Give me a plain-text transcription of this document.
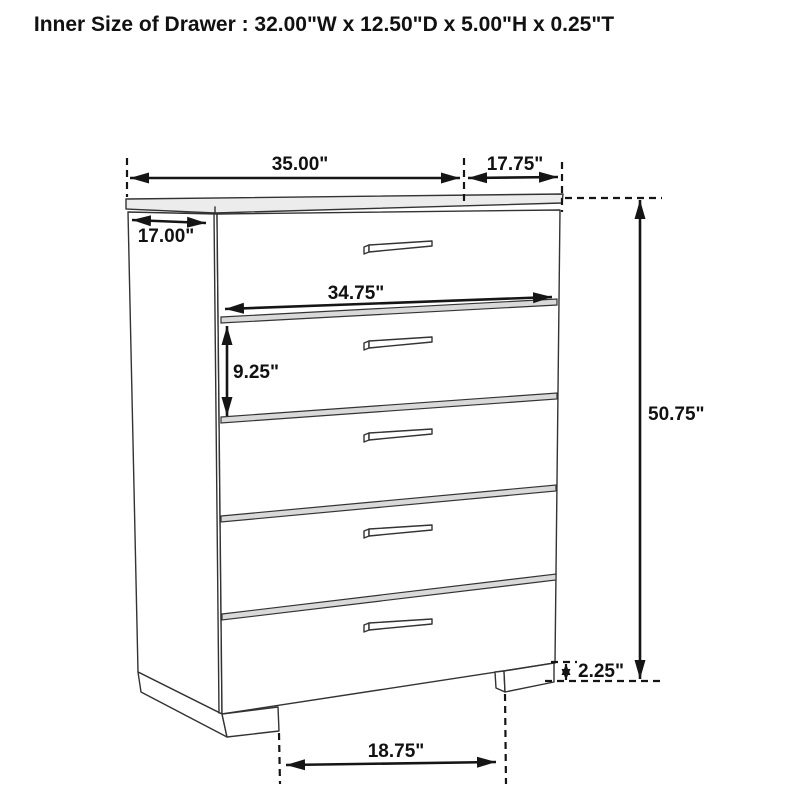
35.00"	17.75"
17.00"
34.75"
9.25"
50.75"
2.25"
18.75"
Inner Size of Drawer : 32.00"W x 12.50"D x 5.00"H x 0.25"T
